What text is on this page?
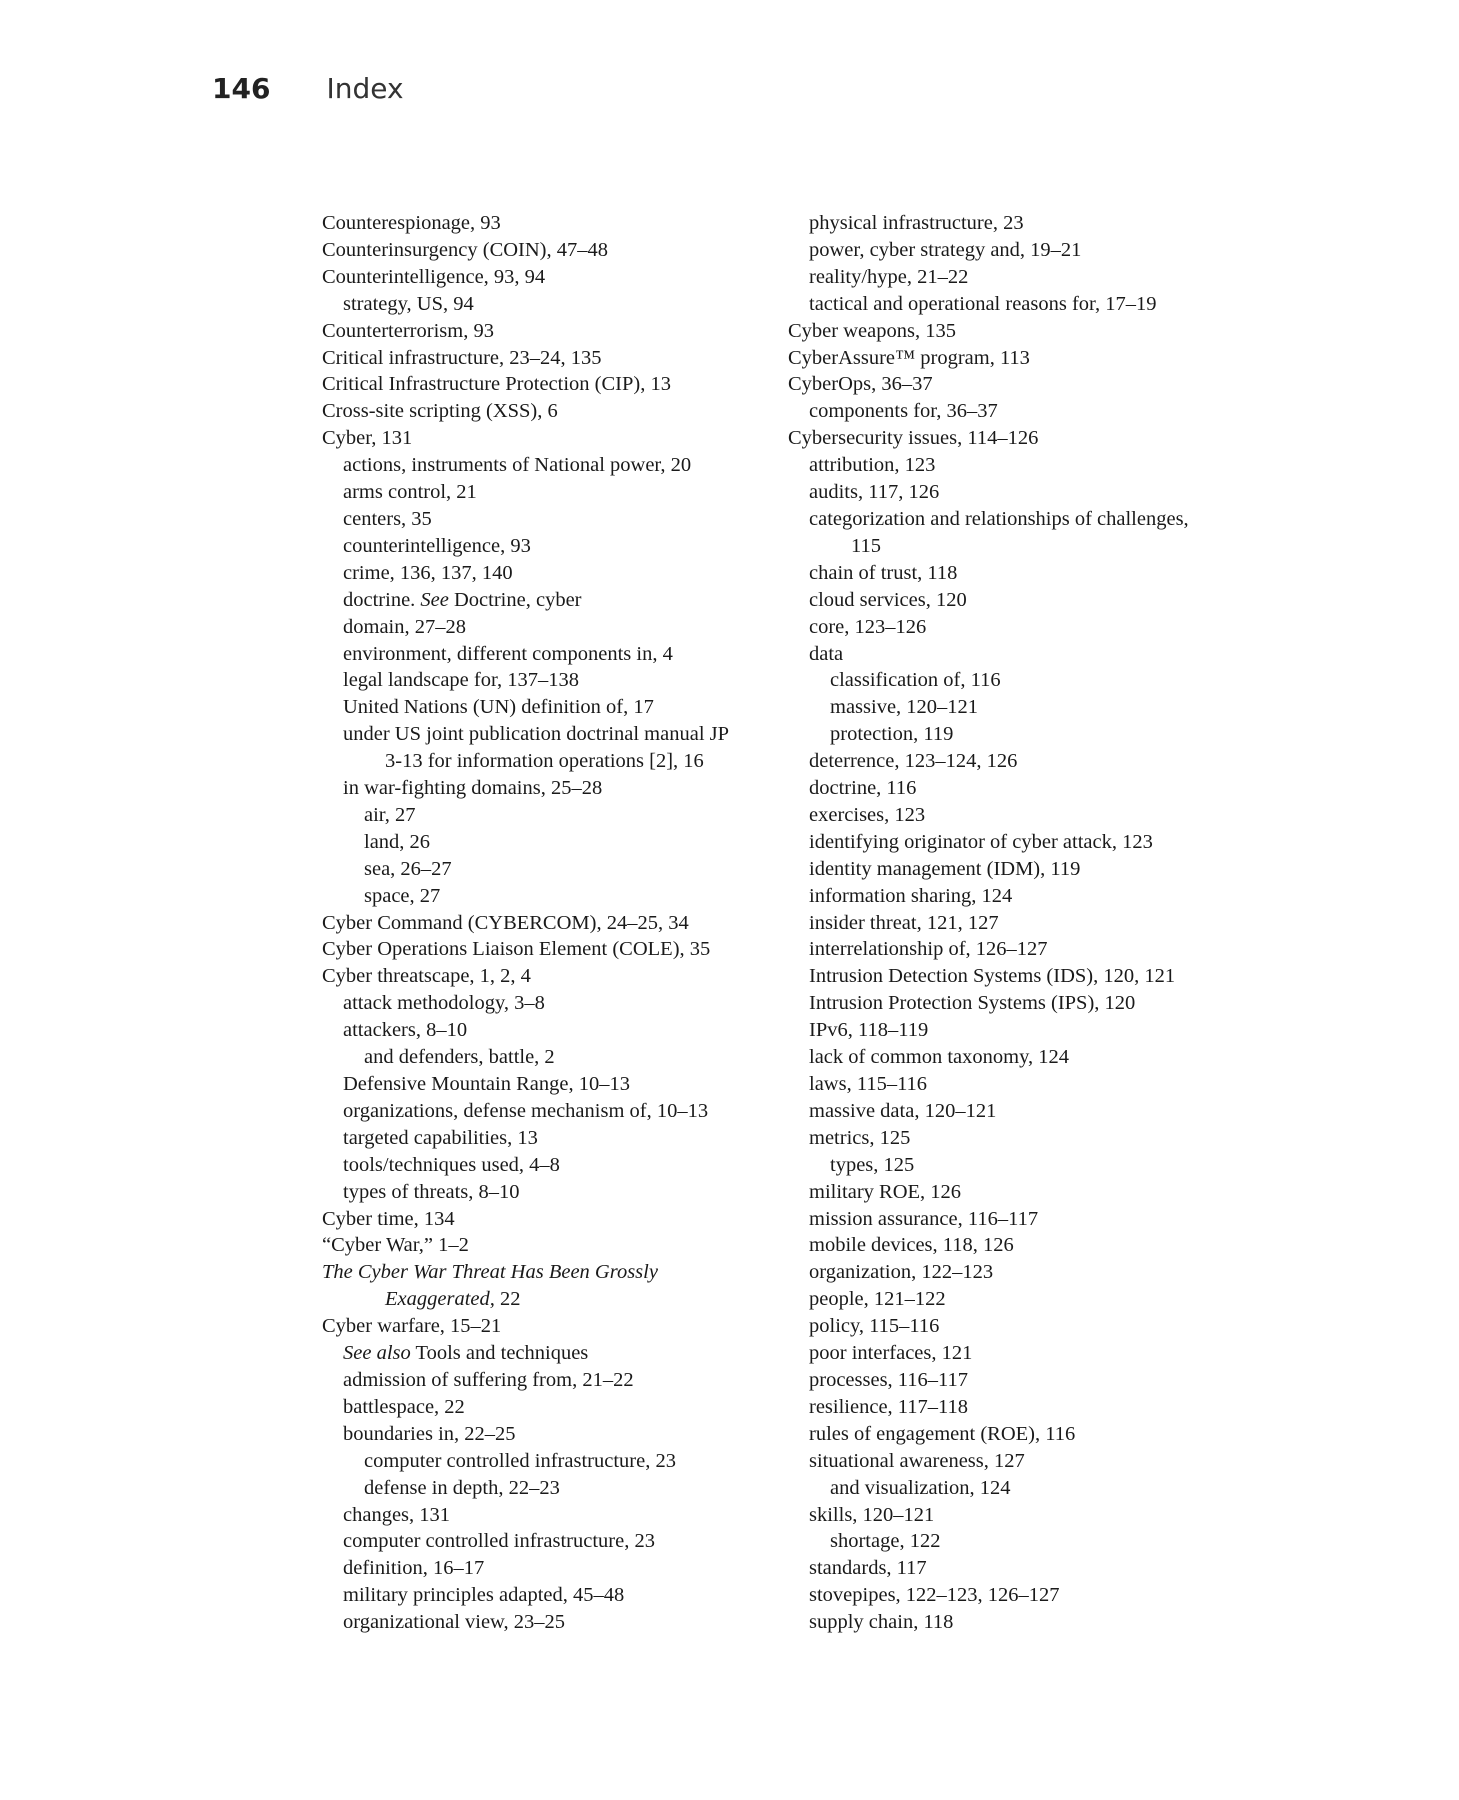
146 Index
Counterespionage, 93
Counterinsurgency (COIN), 47–48
Counterintelligence, 93, 94
strategy, US, 94
Counterterrorism, 93
Critical infrastructure, 23–24, 135
Critical Infrastructure Protection (CIP), 13
Cross-site scripting (XSS), 6
Cyber, 131
actions, instruments of National power, 20
arms control, 21
centers, 35
counterintelligence, 93
crime, 136, 137, 140
doctrine. See Doctrine, cyber
domain, 27–28
environment, different components in, 4
legal landscape for, 137–138
United Nations (UN) definition of, 17
under US joint publication doctrinal manual JP
3-13 for information operations [2], 16
in war-fighting domains, 25–28
air, 27
land, 26
sea, 26–27
space, 27
Cyber Command (CYBERCOM), 24–25, 34
Cyber Operations Liaison Element (COLE), 35
Cyber threatscape, 1, 2, 4
attack methodology, 3–8
attackers, 8–10
and defenders, battle, 2
Defensive Mountain Range, 10–13
organizations, defense mechanism of, 10–13
targeted capabilities, 13
tools/techniques used, 4–8
types of threats, 8–10
Cyber time, 134
“Cyber War,” 1–2
The Cyber War Threat Has Been Grossly
Exaggerated, 22
Cyber warfare, 15–21
See also Tools and techniques
admission of suffering from, 21–22
battlespace, 22
boundaries in, 22–25
computer controlled infrastructure, 23
defense in depth, 22–23
changes, 131
computer controlled infrastructure, 23
definition, 16–17
military principles adapted, 45–48
organizational view, 23–25
physical infrastructure, 23
power, cyber strategy and, 19–21
reality/hype, 21–22
tactical and operational reasons for, 17–19
Cyber weapons, 135
CyberAssure™ program, 113
CyberOps, 36–37
components for, 36–37
Cybersecurity issues, 114–126
attribution, 123
audits, 117, 126
categorization and relationships of challenges,
115
chain of trust, 118
cloud services, 120
core, 123–126
data
classification of, 116
massive, 120–121
protection, 119
deterrence, 123–124, 126
doctrine, 116
exercises, 123
identifying originator of cyber attack, 123
identity management (IDM), 119
information sharing, 124
insider threat, 121, 127
interrelationship of, 126–127
Intrusion Detection Systems (IDS), 120, 121
Intrusion Protection Systems (IPS), 120
IPv6, 118–119
lack of common taxonomy, 124
laws, 115–116
massive data, 120–121
metrics, 125
types, 125
military ROE, 126
mission assurance, 116–117
mobile devices, 118, 126
organization, 122–123
people, 121–122
policy, 115–116
poor interfaces, 121
processes, 116–117
resilience, 117–118
rules of engagement (ROE), 116
situational awareness, 127
and visualization, 124
skills, 120–121
shortage, 122
standards, 117
stovepipes, 122–123, 126–127
supply chain, 118
